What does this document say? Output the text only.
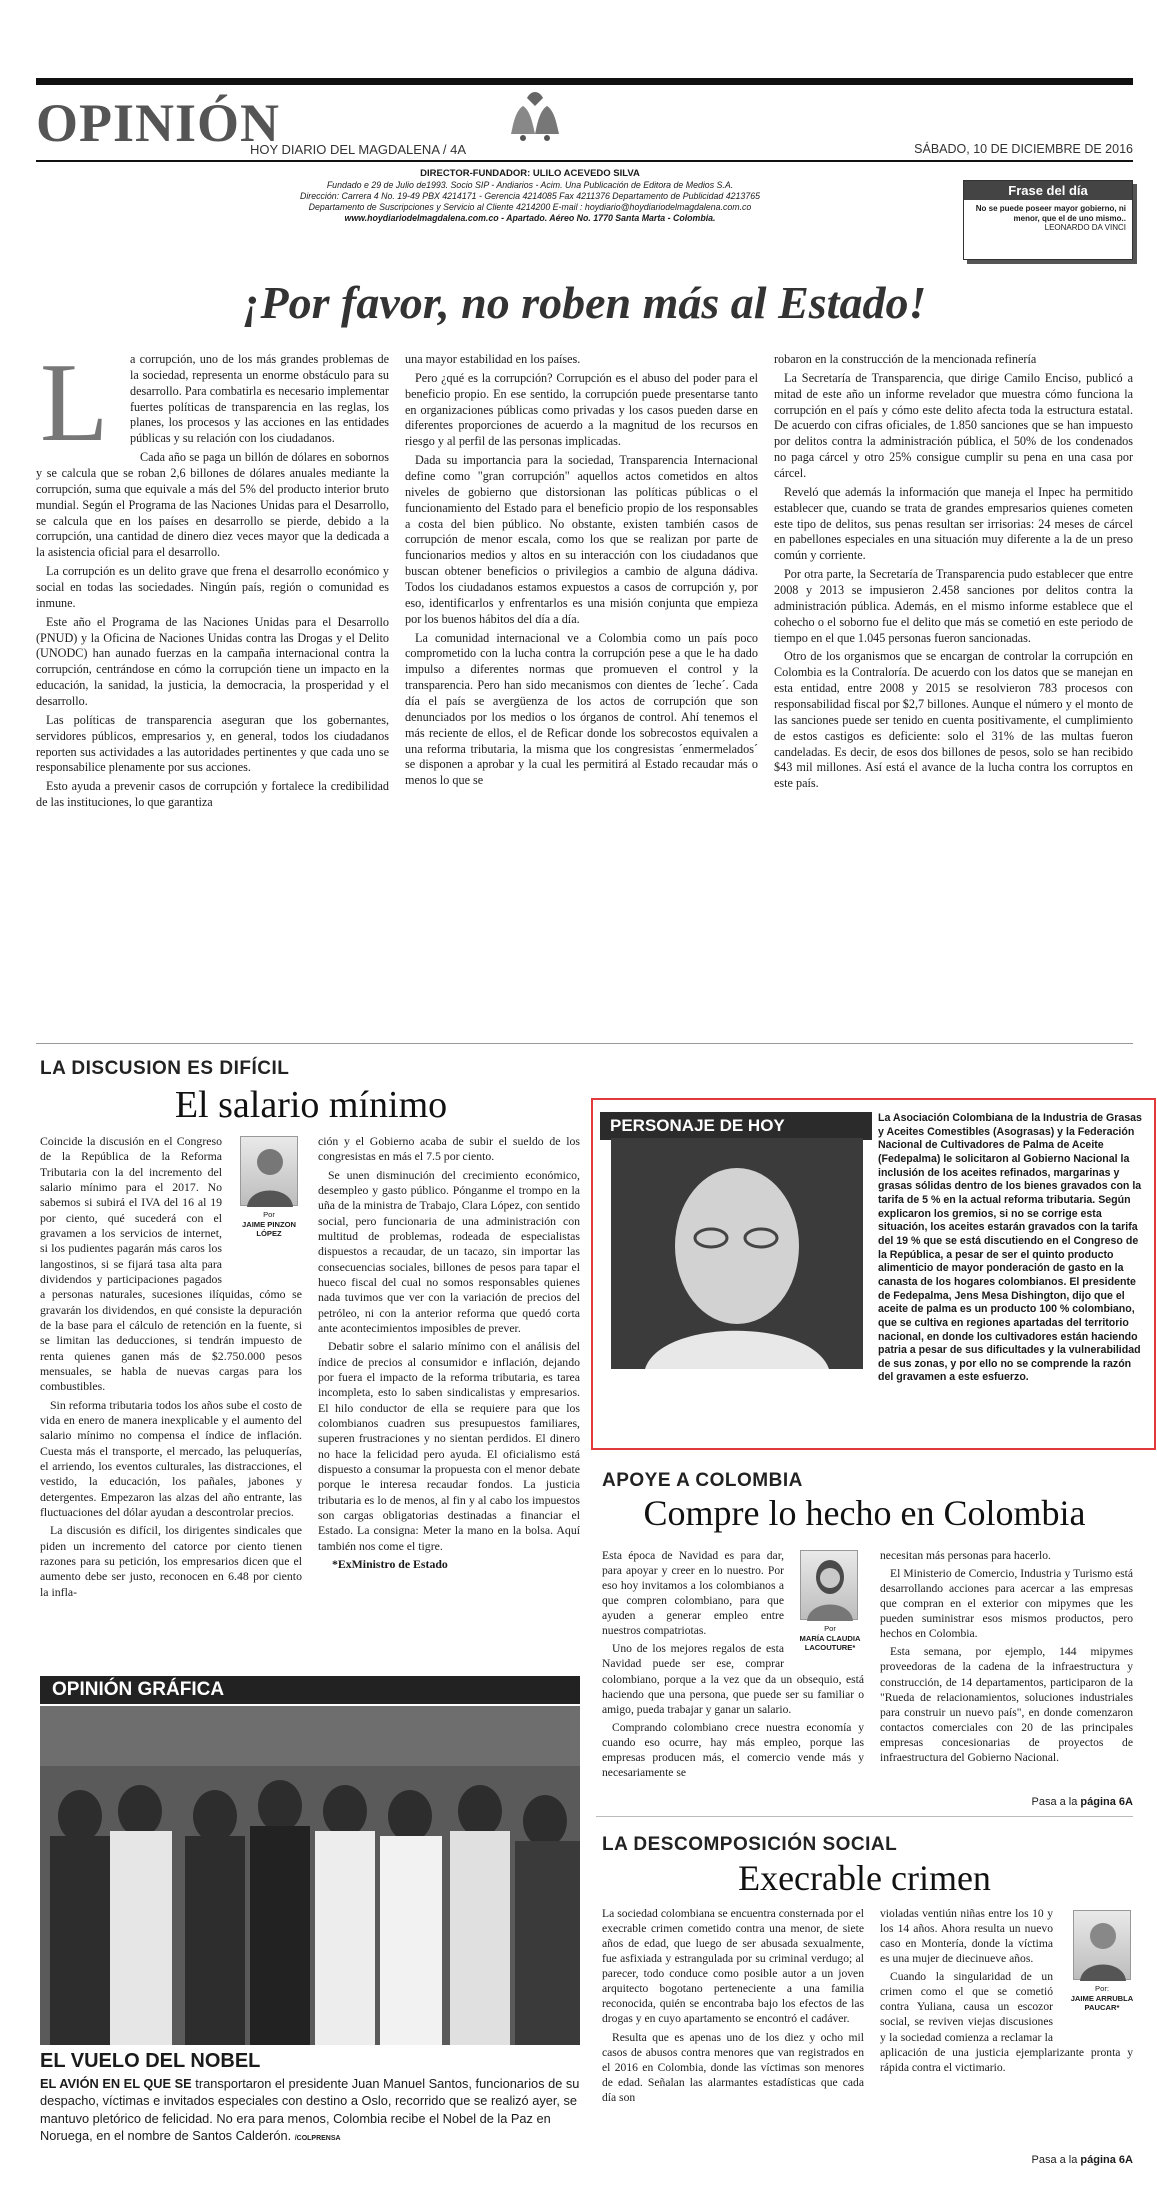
OPINIÓN
HOY DIARIO DEL MAGDALENA / 4A	SÁBADO, 10 DE DICIEMBRE DE 2016
DIRECTOR-FUNDADOR: ULILO ACEVEDO SILVA
Fundado e 29 de Julio de1993. Socio SIP - Andiarios - Acim. Una Publicación de Editora de Medios S.A.
Dirección: Carrera 4 No. 19-49 PBX 4214171 - Gerencia 4214085 Fax 4211376 Departamento de Publicidad 4213765
Departamento de Suscripciones y Servicio al Cliente 4214200 E-mail : hoydiario@hoydiariodelmagdalena.com.co
www.hoydiariodelmagdalena.com.co - Apartado. Aéreo No. 1770 Santa Marta - Colombia.
Frase del día
No se puede poseer mayor gobierno, ni menor, que el de uno mismo..
LEONARDO DA VINCI
¡Por favor, no roben más al Estado!
L	a corrupción, uno de los más grandes problemas de la sociedad, representa un enorme obstáculo para su desarrollo. Para combatirla es necesario implementar fuertes políticas de transparencia en las reglas, los planes, los procesos y las acciones en las entidades públicas y su relación con los ciudadanos.

Cada año se paga un billón de dólares en sobornos y se calcula que se roban 2,6 billones de dólares anuales mediante la corrupción, suma que equivale a más del 5% del producto interior bruto mundial. Según el Programa de las Naciones Unidas para el Desarrollo, se calcula que en los países en desarrollo se pierde, debido a la corrupción, una cantidad de dinero diez veces mayor que la dedicada a la asistencia oficial para el desarrollo.

La corrupción es un delito grave que frena el desarrollo económico y social en todas las sociedades. Ningún país, región o comunidad es inmune.

Este año el Programa de las Naciones Unidas para el Desarrollo (PNUD) y la Oficina de Naciones Unidas contra las Drogas y el Delito (UNODC) han aunado fuerzas en la campaña internacional contra la corrupción, centrándose en cómo la corrupción tiene un impacto en la educación, la sanidad, la justicia, la democracia, la prosperidad y el desarrollo.

Las políticas de transparencia aseguran que los gobernantes, servidores públicos, empresarios y, en general, todos los ciudadanos reporten sus actividades a las autoridades pertinentes y que cada uno se responsabilice plenamente por sus acciones.

Esto ayuda a prevenir casos de corrupción y fortalece la credibilidad de las instituciones, lo que garantiza

una mayor estabilidad en los países.

Pero ¿qué es la corrupción? Corrupción es el abuso del poder para el beneficio propio. En ese sentido, la corrupción puede presentarse tanto en organizaciones públicas como privadas y los casos pueden darse en diferentes proporciones de acuerdo a la magnitud de los recursos en riesgo y al perfil de las personas implicadas.

Dada su importancia para la sociedad, Transparencia Internacional define como "gran corrupción" aquellos actos cometidos en altos niveles de gobierno que distorsionan las políticas públicas o el funcionamiento del Estado para el beneficio propio de los responsables a costa del bien público. No obstante, existen también casos de corrupción de menor escala, como los que se realizan por parte de funcionarios medios y altos en su interacción con los ciudadanos que buscan obtener beneficios o privilegios a cambio de alguna dádiva. Todos los ciudadanos estamos expuestos a casos de corrupción y, por eso, identificarlos y enfrentarlos es una misión conjunta que empieza por los buenos hábitos del día a día.

La comunidad internacional ve a Colombia como un país poco comprometido con la lucha contra la corrupción pese a que le ha dado impulso a diferentes normas que promueven el control y la transparencia. Pero han sido mecanismos con dientes de ´leche´. Cada día el país se avergüenza de los actos de corrupción que son denunciados por los medios o los órganos de control. Ahí tenemos el más reciente de ellos, el de Reficar donde los sobrecostos equivalen a una reforma tributaria, la misma que los congresistas ´enmermelados´ se disponen a aprobar y la cual les permitirá al Estado recaudar más o menos lo que se

robaron en la construcción de la mencionada refinería

La Secretaría de Transparencia, que dirige Camilo Enciso, publicó a mitad de este año un informe revelador que muestra cómo funciona la corrupción en el país y cómo este delito afecta toda la estructura estatal. De acuerdo con cifras oficiales, de 1.850 sanciones que se han impuesto por delitos contra la administración pública, el 50% de los condenados no paga cárcel y otro 25% consigue cumplir su pena en una casa por cárcel.

Reveló que además la información que maneja el Inpec ha permitido establecer que, cuando se trata de grandes empresarios quienes cometen este tipo de delitos, sus penas resultan ser irrisorias: 24 meses de cárcel en pabellones especiales en una situación muy diferente a la de un preso común y corriente.

Por otra parte, la Secretaría de Transparencia pudo establecer que entre 2008 y 2013 se impusieron 2.458 sanciones por delitos contra la administración pública. Además, en el mismo informe establece que el cohecho o el soborno fue el delito que más se cometió en este periodo de tiempo en el que 1.045 personas fueron sancionadas.

Otro de los organismos que se encargan de controlar la corrupción en Colombia es la Contraloría. De acuerdo con los datos que se manejan en esta entidad, entre 2008 y 2015 se resolvieron 783 procesos con responsabilidad fiscal por $2,7 billones. Aunque el número y el monto de las sanciones puede ser tenido en cuenta positivamente, el cumplimiento de estos castigos es deficiente: solo el 31% de las multas fueron candeladas. Es decir, de esos dos billones de pesos, solo se han recibido $43 mil millones. Así está el avance de la lucha contra los corruptos en este país.

LA DISCUSION ES DIFÍCIL
El salario mínimo

Coincide la discusión en el Congreso de la República de la Reforma Tributaria con la del incremento del salario mínimo para el 2017. No sabemos si subirá el IVA del 16 al 19 por ciento, qué sucederá con el gravamen a los servicios de internet, si los pudientes pagarán más caros los langostinos, si se fijará tasa alta para dividendos y participaciones pagados a personas naturales, sucesiones ilíquidas, cómo se gravarán los dividendos, en qué consiste la depuración de la base para el cálculo de retención en la fuente, si se limitan las deducciones, si tendrán impuesto de renta quienes ganen más de $2.750.000 pesos mensuales, se habla de nuevas cargas para los combustibles.

Sin reforma tributaria todos los años sube el costo de vida en enero de manera inexplicable y el aumento del salario mínimo no compensa el índice de inflación. Cuesta más el transporte, el mercado, las peluquerías, el arriendo, los eventos culturales, las distracciones, el vestido, la educación, los pañales, jabones y detergentes. Empezaron las alzas del año entrante, las fluctuaciones del dólar ayudan a descontrolar precios.

La discusión es difícil, los dirigentes sindicales que piden un incremento del catorce por ciento tienen razones para su petición, los empresarios dicen que el aumento debe ser justo, reconocen en 6.48 por ciento la infla-

Por
JAIME PINZON LÓPEZ

ción y el Gobierno acaba de subir el sueldo de los congresistas en más el 7.5 por ciento.

Se unen disminución del crecimiento económico, desempleo y gasto público. Pónganme el trompo en la uña de la ministra de Trabajo, Clara López, con sentido social, pero funcionaria de una administración con multitud de problemas, rodeada de especialistas dispuestos a recaudar, de un tacazo, sin importar las consecuencias sociales, billones de pesos para tapar el hueco fiscal del cual no somos responsables quienes nada tuvimos que ver con la variación de precios del petróleo, ni con la anterior reforma que quedó corta ante acontecimientos imposibles de prever.

Debatir sobre el salario mínimo con el análisis del índice de precios al consumidor e inflación, dejando por fuera el impacto de la reforma tributaria, es tarea incompleta, esto lo saben sindicalistas y empresarios. El hilo conductor de ella se requiere para que los colombianos cuadren sus presupuestos familiares, superen frustraciones y no sientan perdidos. El dinero no hace la felicidad pero ayuda. El oficialismo está dispuesto a consumar la propuesta con el menor debate porque le interesa recaudar fondos. La justicia tributaria es lo de menos, al fin y al cabo los impuestos son cargas obligatorias destinadas a financiar el Estado. La consigna: Meter la mano en la bolsa. Aquí también nos come el tigre.

*ExMinistro de Estado

PERSONAJE DE HOY	La Asociación Colombiana de la Industria de Grasas y Aceites Comestibles (Asograsas) y la Federación Nacional de Cultivadores de Palma de Aceite (Fedepalma) le solicitaron al Gobierno Nacional la inclusión de los aceites refinados, margarinas y grasas sólidas dentro de los bienes gravados con la tarifa de 5 % en la actual reforma tributaria. Según explicaron los gremios, si no se corrige esta situación, los aceites estarán gravados con la tarifa del 19 % que se está discutiendo en el Congreso de la República, a pesar de ser el quinto producto alimenticio de mayor ponderación de gasto en la canasta de los hogares colombianos. El presidente de Fedepalma, Jens Mesa Dishington, dijo que el aceite de palma es un producto 100 % colombiano, que se cultiva en regiones apartadas del territorio nacional, en donde los cultivadores están haciendo patria a pesar de sus dificultades y la vulnerabilidad de sus zonas, y por ello no se comprende la razón del gravamen a este esfuerzo.

APOYE A COLOMBIA
Compre lo hecho en Colombia

Esta época de Navidad es para dar, para apoyar y creer en lo nuestro. Por eso hoy invitamos a los colombianos a que compren colombiano, para que ayuden a generar empleo entre nuestros compatriotas.

Uno de los mejores regalos de esta Navidad puede ser ese, comprar colombiano, porque a la vez que da un obsequio, está haciendo que una persona, que puede ser su familiar o amigo, pueda trabajar y ganar un salario.

Comprando colombiano crece nuestra economía y cuando eso ocurre, hay más empleo, porque las empresas producen más, el comercio vende más y necesariamente se

Por
MARÍA CLAUDIA LACOUTURE*

necesitan más personas para hacerlo.

El Ministerio de Comercio, Industria y Turismo está desarrollando acciones para acercar a las empresas que compran en el exterior con mipymes que les pueden suministrar esos mismos productos, pero hechos en Colombia.

Esta semana, por ejemplo, 144 mipymes proveedoras de la cadena de la infraestructura y construcción, de 14 departamentos, participaron de la "Rueda de relacionamientos, soluciones industriales para construir un nuevo país", en donde comenzaron contactos comerciales con 20 de las principales empresas concesionarias de proyectos de infraestructura del Gobierno Nacional.

Pasa a la página 6A
OPINIÓN GRÁFICA
EL VUELO DEL NOBEL
EL AVIÓN EN EL QUE SE transportaron el presidente Juan Manuel Santos, funcionarios de su despacho, víctimas e invitados especiales con destino a Oslo, recorrido que se realizó ayer, se mantuvo pletórico de felicidad. No era para menos, Colombia recibe el Nobel de la Paz en Noruega, en el nombre de Santos Calderón. /COLPRENSA
LA DESCOMPOSICIÓN SOCIAL
Execrable crimen

La sociedad colombiana se encuentra consternada por el execrable crimen cometido contra una menor, de siete años de edad, que luego de ser abusada sexualmente, fue asfixiada y estrangulada por su criminal verdugo; al parecer, todo conduce como posible autor a un joven arquitecto bogotano perteneciente a una familia reconocida, quién se encontraba bajo los efectos de las drogas y en cuyo apartamento se encontró el cadáver.

Resulta que es apenas uno de los diez y ocho mil casos de abusos contra menores que van registrados en el 2016 en Colombia, donde las víctimas son menores de edad. Señalan las alarmantes estadísticas que cada día son

violadas ventiún niñas entre los 10 y los 14 años. Ahora resulta un nuevo caso en Montería, donde la víctima es una mujer de diecinueve años.

Cuando la singularidad de un crimen como el que se cometió contra Yuliana, causa un escozor social, se reviven viejas discusiones y la sociedad comienza a reclamar la aplicación de una justicia ejemplarizante pronta y rápida contra el victimario.

Por:
JAIME ARRUBLA PAUCAR*
Pasa a la página 6A
